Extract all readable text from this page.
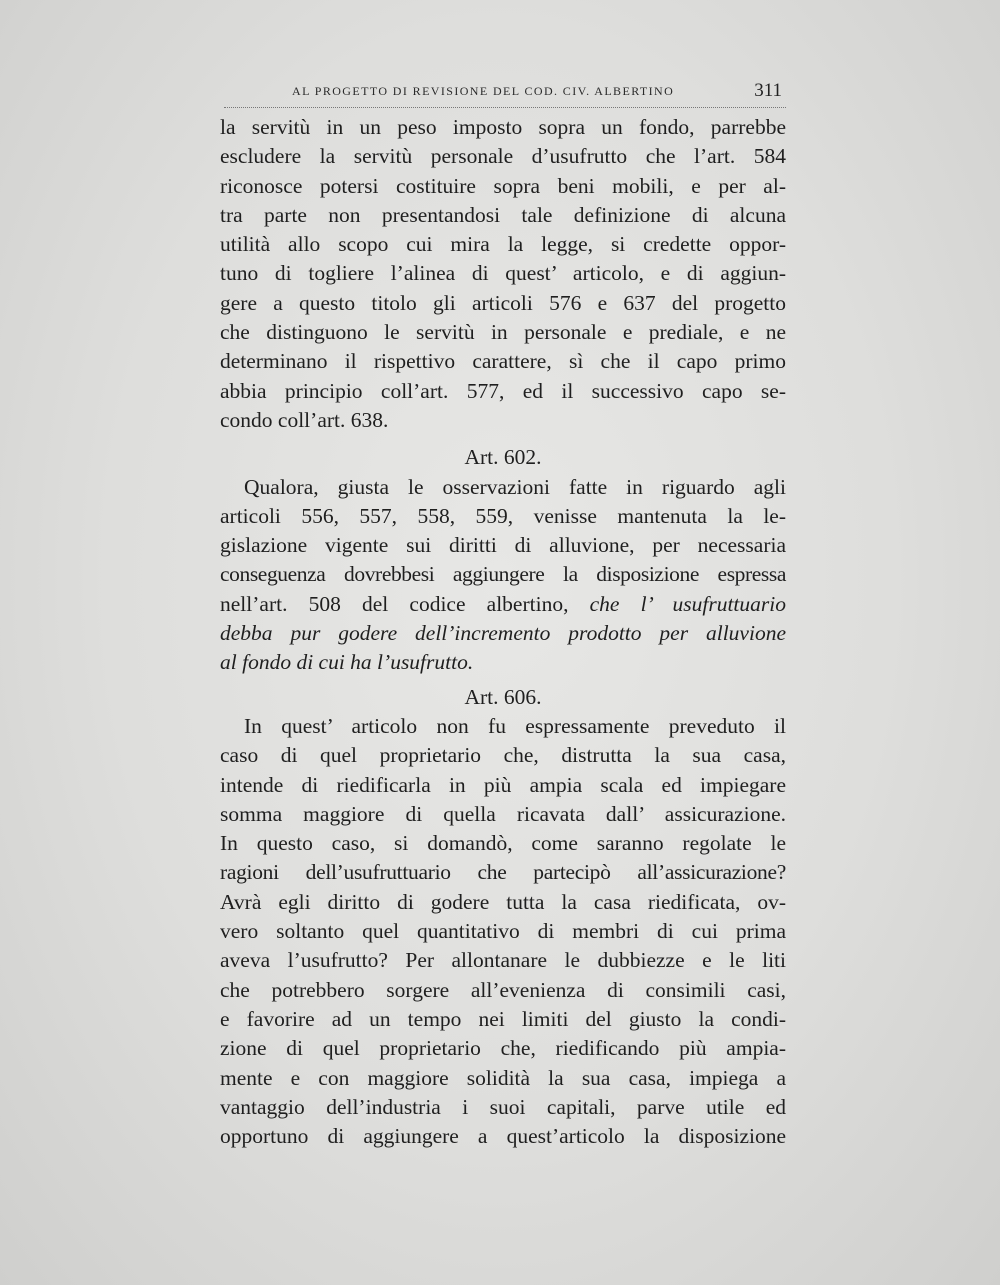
AL PROGETTO DI REVISIONE DEL COD. CIV. ALBERTINO	311
la servitù in un peso imposto sopra un fondo, parrebbe
escludere la servitù personale d’usufrutto che l’art. 584
riconosce potersi costituire sopra beni mobili, e per al-
tra parte non presentandosi tale definizione di alcuna
utilità allo scopo cui mira la legge, si credette oppor-
tuno di togliere l’alinea di quest’ articolo, e di aggiun-
gere a questo titolo gli articoli 576 e 637 del progetto
che distinguono le servitù in personale e prediale, e ne
determinano il rispettivo carattere, sì che il capo primo
abbia principio coll’art. 577, ed il successivo capo se-
condo coll’art. 638.
Art. 602.
Qualora, giusta le osservazioni fatte in riguardo agli
articoli 556, 557, 558, 559, venisse mantenuta la le-
gislazione vigente sui diritti di alluvione, per necessaria
conseguenza dovrebbesi aggiungere la disposizione espressa
nell’art. 508 del codice albertino, che l’ usufruttuario
debba pur godere dell’incremento prodotto per alluvione
al fondo di cui ha l’usufrutto.
Art. 606.
In quest’ articolo non fu espressamente preveduto il
caso di quel proprietario che, distrutta la sua casa,
intende di riedificarla in più ampia scala ed impiegare
somma maggiore di quella ricavata dall’ assicurazione.
In questo caso, si domandò, come saranno regolate le
ragioni dell’usufruttuario che partecipò all’assicurazione?
Avrà egli diritto di godere tutta la casa riedificata, ov-
vero soltanto quel quantitativo di membri di cui prima
aveva l’usufrutto? Per allontanare le dubbiezze e le liti
che potrebbero sorgere all’evenienza di consimili casi,
e favorire ad un tempo nei limiti del giusto la condi-
zione di quel proprietario che, riedificando più ampia-
mente e con maggiore solidità la sua casa, impiega a
vantaggio dell’industria i suoi capitali, parve utile ed
opportuno di aggiungere a quest’articolo la disposizione
